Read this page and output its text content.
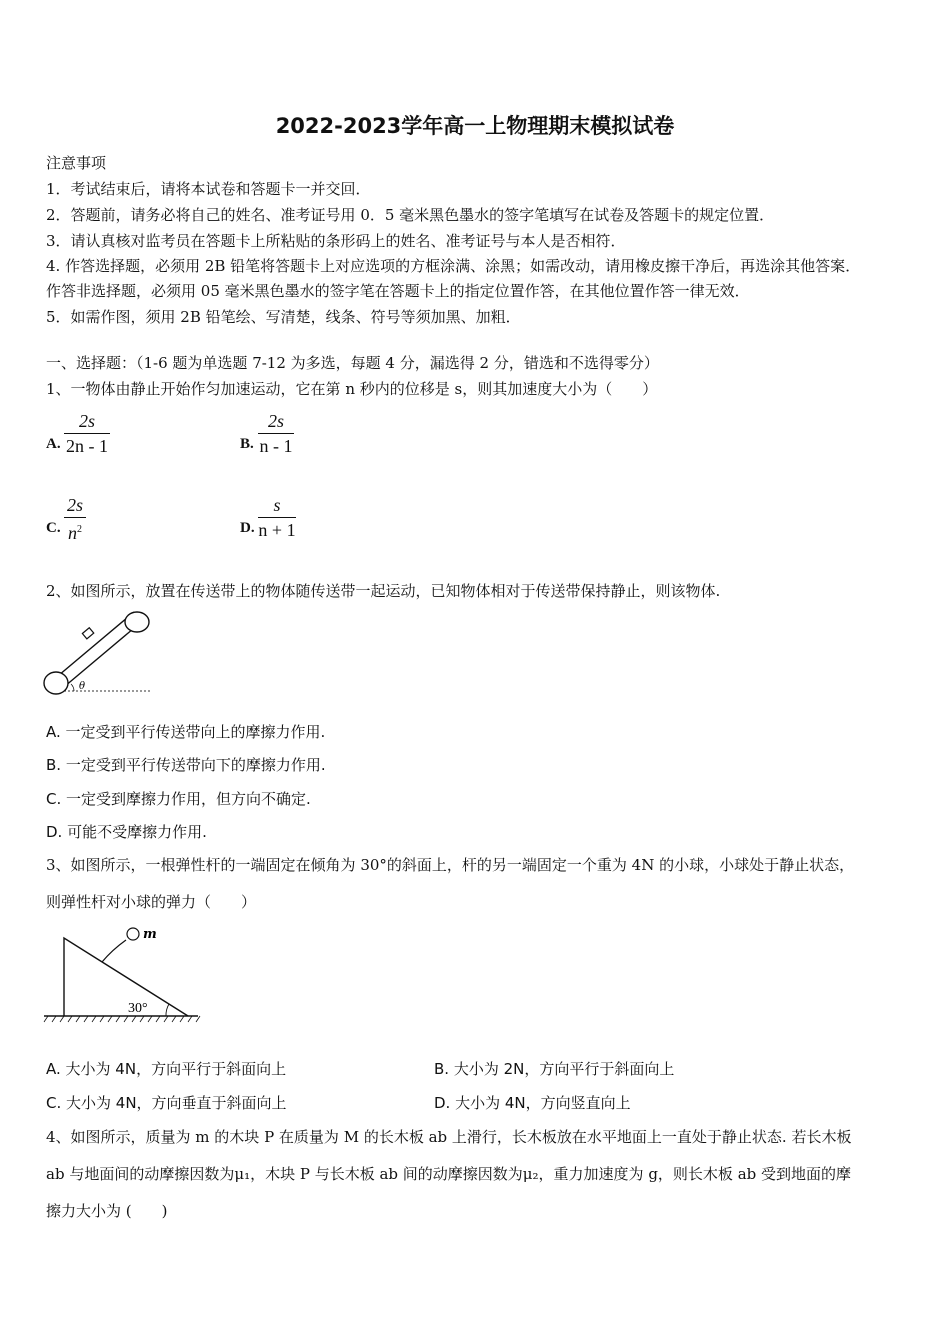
2022-2023学年高一上物理期末模拟试卷
注意事项
1．考试结束后，请将本试卷和答题卡一并交回．
2．答题前，请务必将自己的姓名、准考证号用 0．5 毫米黑色墨水的签字笔填写在试卷及答题卡的规定位置．
3．请认真核对监考员在答题卡上所粘贴的条形码上的姓名、准考证号与本人是否相符．
4. 作答选择题，必须用 2B 铅笔将答题卡上对应选项的方框涂满、涂黑；如需改动，请用橡皮擦干净后，再选涂其他答案．
作答非选择题，必须用 05 毫米黑色墨水的签字笔在答题卡上的指定位置作答，在其他位置作答一律无效．
5．如需作图，须用 2B 铅笔绘、写清楚，线条、符号等须加黑、加粗．
一、选择题：（1-6 题为单选题 7-12 为多选，每题 4 分，漏选得 2 分，错选和不选得零分）
1、一物体由静止开始作匀加速运动，它在第 n 秒内的位移是 s，则其加速度大小为（　　）
A.
2s
2n - 1	B.
2s
n - 1
C.
2s
$n^2$	D.
s
n + 1
2、如图所示，放置在传送带上的物体随传送带一起运动，已知物体相对于传送带保持静止，则该物体.
θ
A. 一定受到平行传送带向上的摩擦力作用.
B. 一定受到平行传送带向下的摩擦力作用.
C. 一定受到摩擦力作用，但方向不确定.
D. 可能不受摩擦力作用.
3、如图所示，一根弹性杆的一端固定在倾角为 30°的斜面上，杆的另一端固定一个重为 4N 的小球，小球处于静止状态，
则弹性杆对小球的弹力（　　）
m
30°
A. 大小为 4N，方向平行于斜面向上	B. 大小为 2N，方向平行于斜面向上
C. 大小为 4N，方向垂直于斜面向上	D. 大小为 4N，方向竖直向上
4、如图所示，质量为 m 的木块 P 在质量为 M 的长木板 ab 上滑行，长木板放在水平地面上一直处于静止状态. 若长木板
ab 与地面间的动摩擦因数为μ₁，木块 P 与长木板 ab 间的动摩擦因数为μ₂，重力加速度为 g，则长木板 ab 受到地面的摩
擦力大小为 (　　)
